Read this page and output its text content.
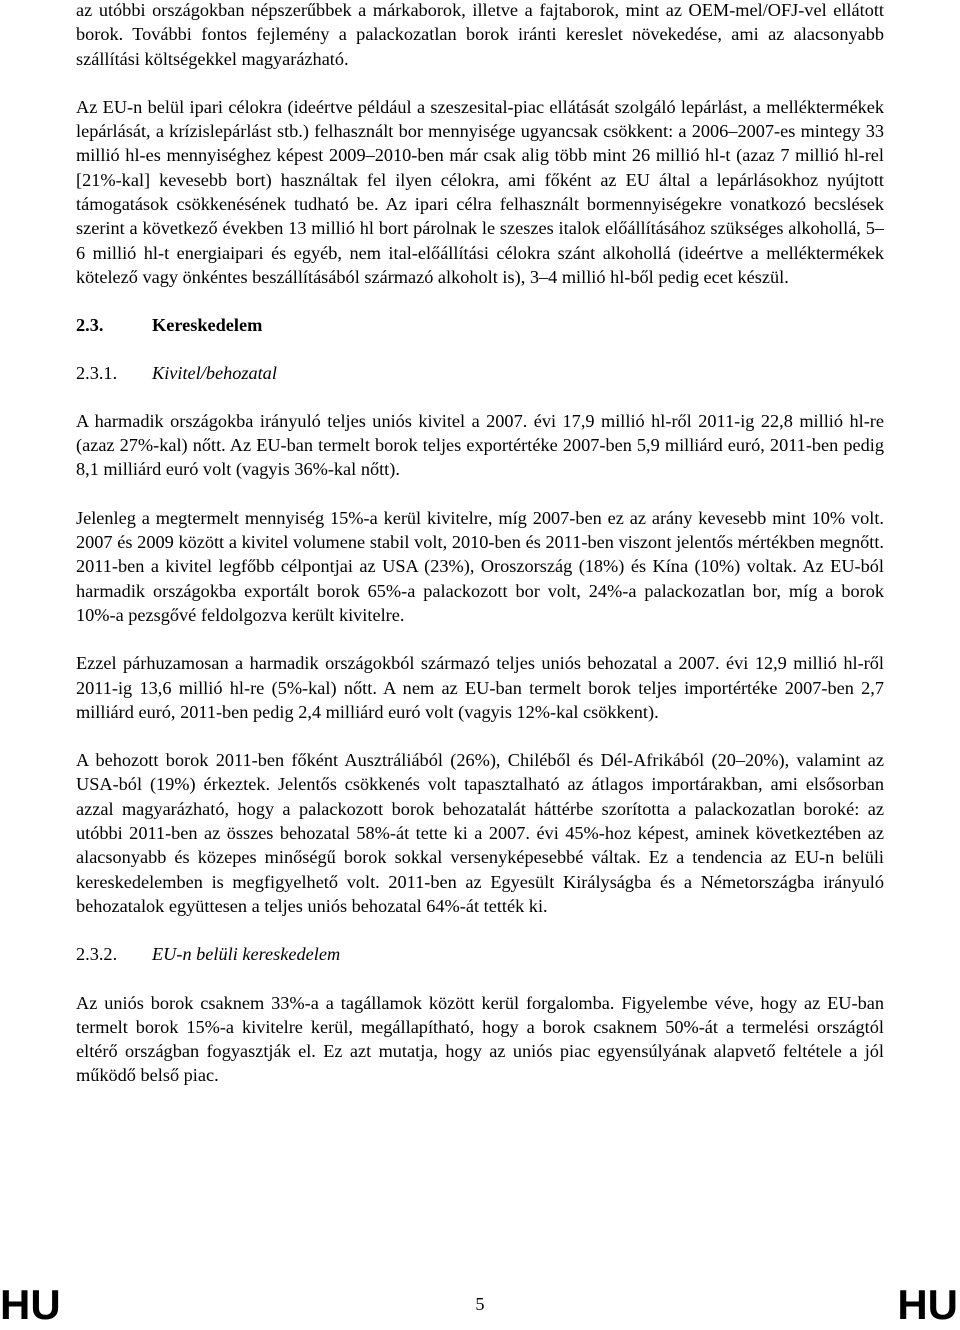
az utóbbi országokban népszerűbbek a márkaborok, illetve a fajtaborok, mint az OEM-mel/OFJ-vel ellátott borok. További fontos fejlemény a palackozatlan borok iránti kereslet növekedése, ami az alacsonyabb szállítási költségekkel magyarázható.

Az EU-n belül ipari célokra (ideértve például a szeszesital-piac ellátását szolgáló lepárlást, a melléktermékek lepárlását, a krízislepárlást stb.) felhasznált bor mennyisége ugyancsak csökkent: a 2006–2007-es mintegy 33 millió hl-es mennyiséghez képest 2009–2010-ben már csak alig több mint 26 millió hl-t (azaz 7 millió hl-rel [21%-kal] kevesebb bort) használtak fel ilyen célokra, ami főként az EU által a lepárlásokhoz nyújtott támogatások csökkenésének tudható be. Az ipari célra felhasznált bormennyiségekre vonatkozó becslések szerint a következő években 13 millió hl bort párolnak le szeszes italok előállításához szükséges alkohollá, 5–6 millió hl-t energiaipari és egyéb, nem ital-előállítási célokra szánt alkohollá (ideértve a melléktermékek kötelező vagy önkéntes beszállításából származó alkoholt is), 3–4 millió hl-ből pedig ecet készül.

2.3.	Kereskedelem
2.3.1.	Kivitel/behozatal

A harmadik országokba irányuló teljes uniós kivitel a 2007. évi 17,9 millió hl-ről 2011-ig 22,8 millió hl-re (azaz 27%-kal) nőtt. Az EU-ban termelt borok teljes exportértéke 2007-ben 5,9 milliárd euró, 2011-ben pedig 8,1 milliárd euró volt (vagyis 36%-kal nőtt).

Jelenleg a megtermelt mennyiség 15%-a kerül kivitelre, míg 2007-ben ez az arány kevesebb mint 10% volt. 2007 és 2009 között a kivitel volumene stabil volt, 2010-ben és 2011-ben viszont jelentős mértékben megnőtt. 2011-ben a kivitel legfőbb célpontjai az USA (23%), Oroszország (18%) és Kína (10%) voltak. Az EU-ból harmadik országokba exportált borok 65%-a palackozott bor volt, 24%-a palackozatlan bor, míg a borok 10%-a pezsgővé feldolgozva került kivitelre.

Ezzel párhuzamosan a harmadik országokból származó teljes uniós behozatal a 2007. évi 12,9 millió hl-ről 2011-ig 13,6 millió hl-re (5%-kal) nőtt. A nem az EU-ban termelt borok teljes importértéke 2007-ben 2,7 milliárd euró, 2011-ben pedig 2,4 milliárd euró volt (vagyis 12%-kal csökkent).

A behozott borok 2011-ben főként Ausztráliából (26%), Chiléből és Dél-Afrikából (20–20%), valamint az USA-ból (19%) érkeztek. Jelentős csökkenés volt tapasztalható az átlagos importárakban, ami elsősorban azzal magyarázható, hogy a palackozott borok behozatalát háttérbe szorította a palackozatlan boroké: az utóbbi 2011-ben az összes behozatal 58%-át tette ki a 2007. évi 45%-hoz képest, aminek következtében az alacsonyabb és közepes minőségű borok sokkal versenyképesebbé váltak. Ez a tendencia az EU-n belüli kereskedelemben is megfigyelhető volt. 2011-ben az Egyesült Királyságba és a Németországba irányuló behozatalok együttesen a teljes uniós behozatal 64%-át tették ki.

2.3.2.	EU-n belüli kereskedelem

Az uniós borok csaknem 33%-a a tagállamok között kerül forgalomba. Figyelembe véve, hogy az EU-ban termelt borok 15%-a kivitelre kerül, megállapítható, hogy a borok csaknem 50%-át a termelési országtól eltérő országban fogyasztják el. Ez azt mutatja, hogy az uniós piac egyensúlyának alapvető feltétele a jól működő belső piac.

HU	5	HU
